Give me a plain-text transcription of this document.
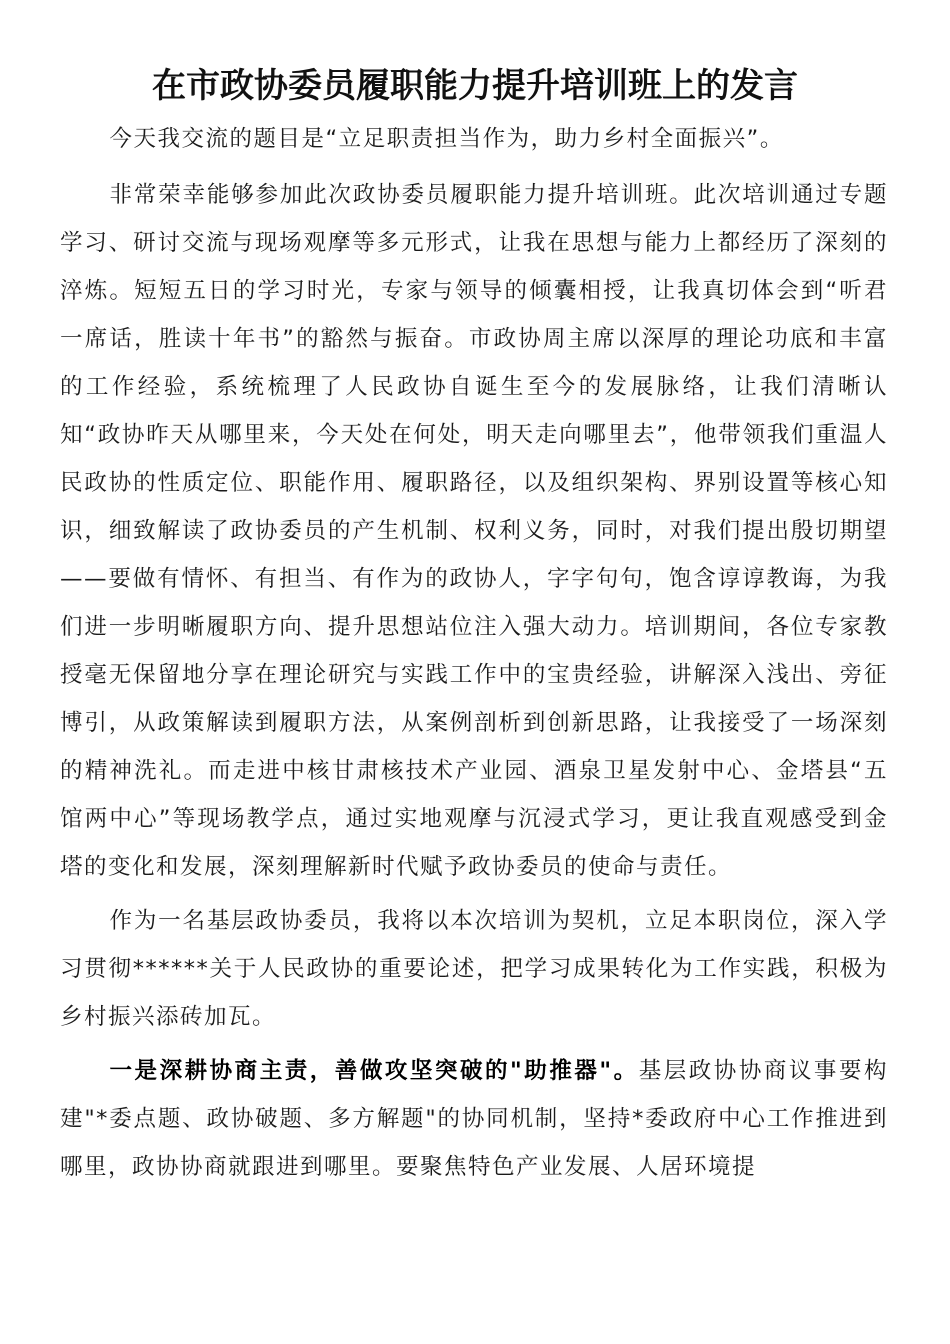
在市政协委员履职能力提升培训班上的发言

今天我交流的题目是“立足职责担当作为，助力乡村全面振兴”。

非常荣幸能够参加此次政协委员履职能力提升培训班。此次培训通过专题学习、研讨交流与现场观摩等多元形式，让我在思想与能力上都经历了深刻的淬炼。短短五日的学习时光，专家与领导的倾囊相授，让我真切体会到“听君一席话，胜读十年书”的豁然与振奋。市政协周主席以深厚的理论功底和丰富的工作经验，系统梳理了人民政协自诞生至今的发展脉络，让我们清晰认知“政协昨天从哪里来，今天处在何处，明天走向哪里去”，他带领我们重温人民政协的性质定位、职能作用、履职路径，以及组织架构、界别设置等核心知识，细致解读了政协委员的产生机制、权利义务，同时，对我们提出殷切期望——要做有情怀、有担当、有作为的政协人，字字句句，饱含谆谆教诲，为我们进一步明晰履职方向、提升思想站位注入强大动力。培训期间，各位专家教授毫无保留地分享在理论研究与实践工作中的宝贵经验，讲解深入浅出、旁征博引，从政策解读到履职方法，从案例剖析到创新思路，让我接受了一场深刻的精神洗礼。而走进中核甘肃核技术产业园、酒泉卫星发射中心、金塔县“五馆两中心”等现场教学点，通过实地观摩与沉浸式学习，更让我直观感受到金塔的变化和发展，深刻理解新时代赋予政协委员的使命与责任。

作为一名基层政协委员，我将以本次培训为契机，立足本职岗位，深入学习贯彻******关于人民政协的重要论述，把学习成果转化为工作实践，积极为乡村振兴添砖加瓦。

一是深耕协商主责，善做攻坚突破的"助推器"。基层政协协商议事要构建"*委点题、政协破题、多方解题"的协同机制，坚持*委政府中心工作推进到哪里，政协协商就跟进到哪里。要聚焦特色产业发展、人居环境提
